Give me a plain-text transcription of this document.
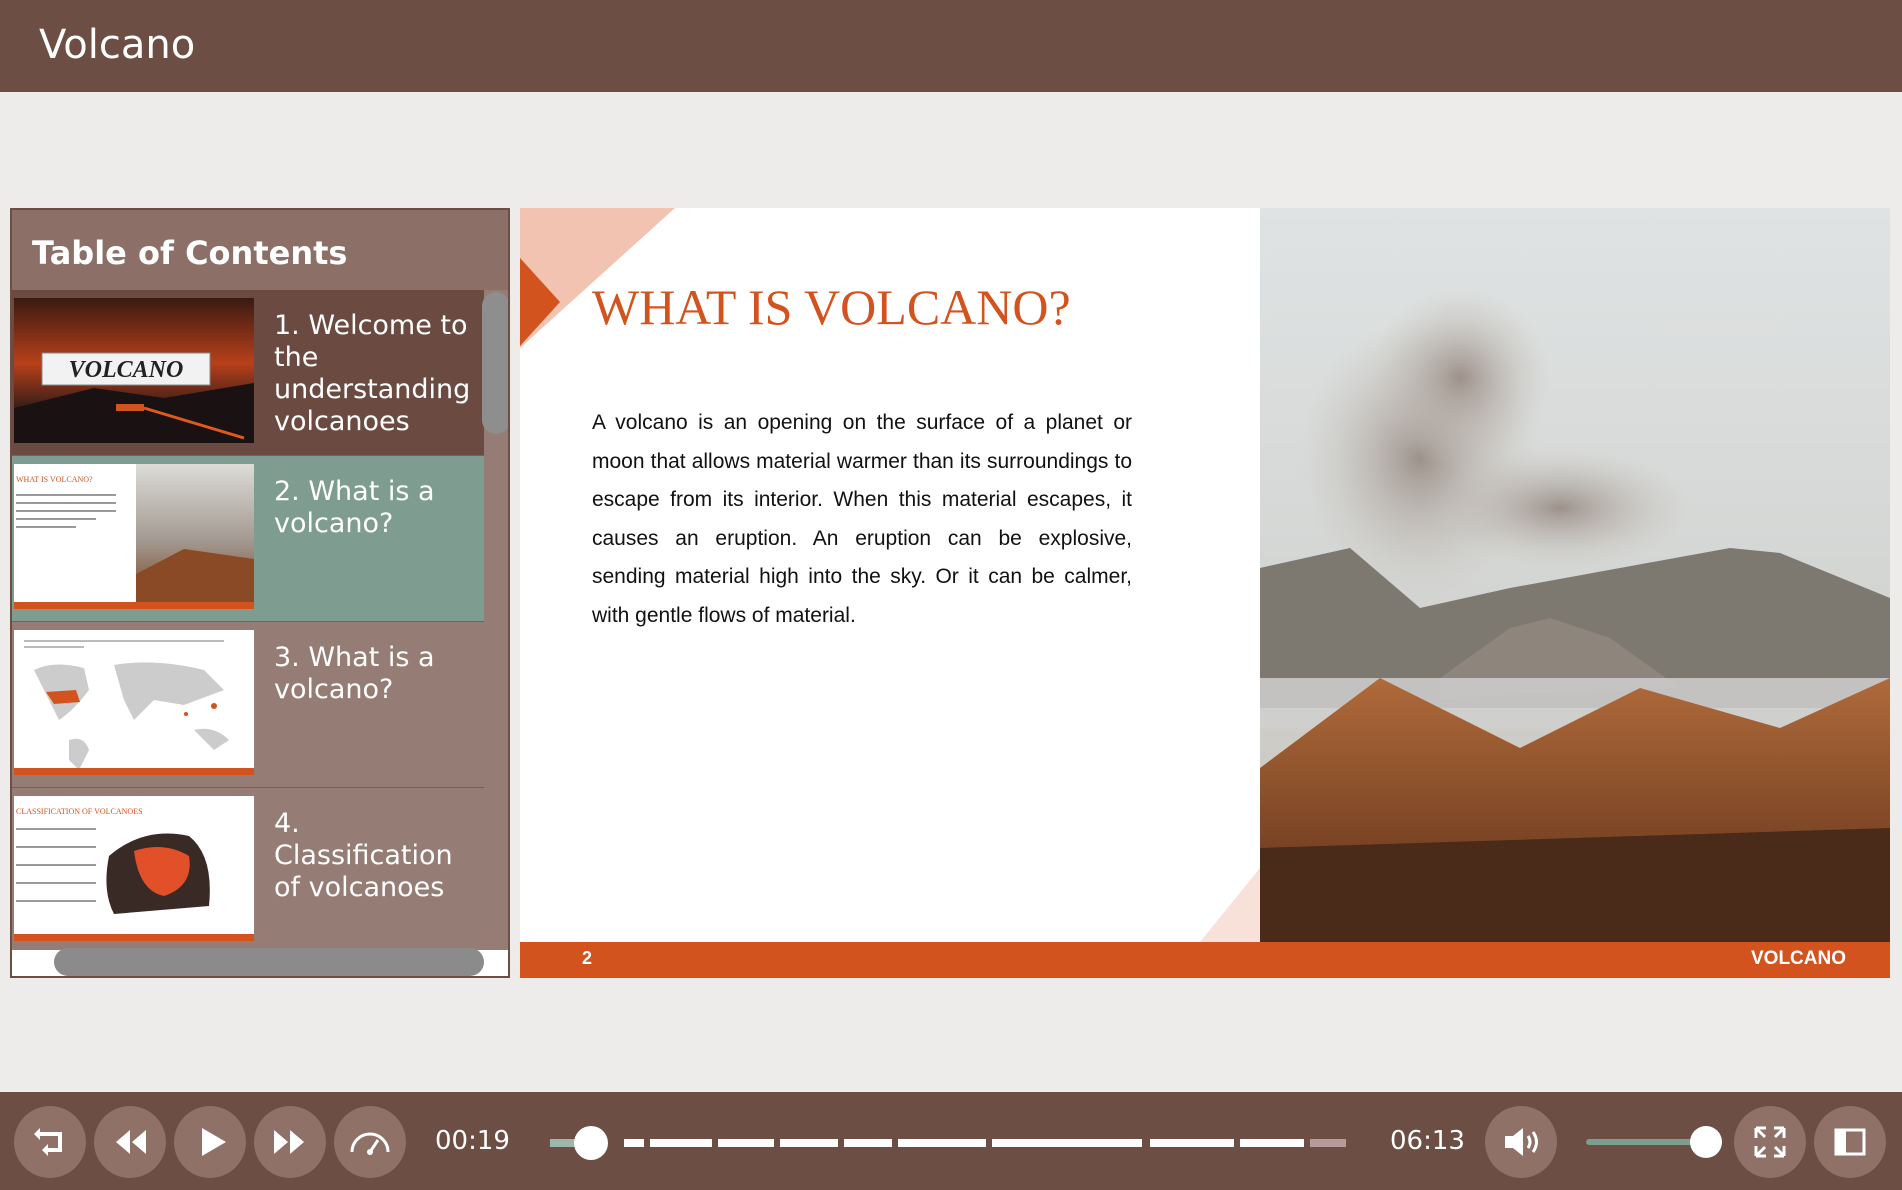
Volcano
Table of Contents
VOLCANO
1. Welcome to the understanding volcanoes
WHAT IS VOLCANO?	2. What is a volcano?
3. What is a volcano?
CLASSIFICATION OF VOLCANOES	4. Classification of volcanoes
WHAT IS VOLCANO?
A volcano is an opening on the surface of a planet or moon that allows material warmer than its surroundings to escape from its interior. When this material escapes, it causes an eruption. An eruption can be explosive, sending material high into the sky. Or it can be calmer, with gentle flows of material.
2	VOLCANO
00:19	06:13
